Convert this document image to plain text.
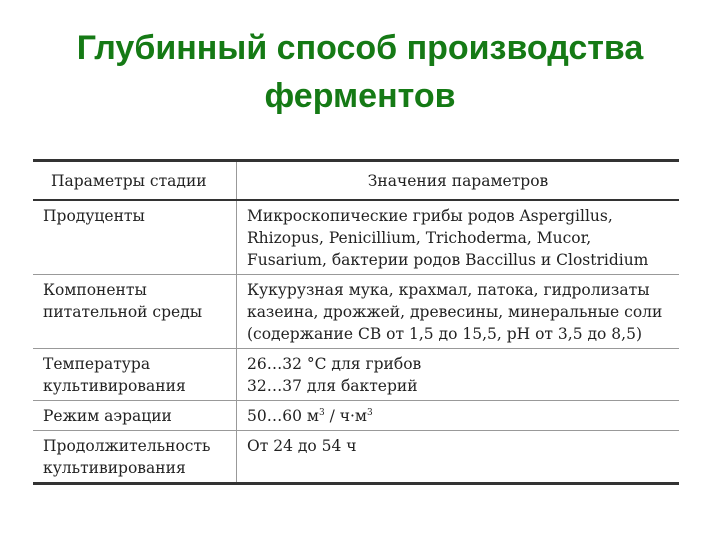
Глубинный способ производства
ферментов
Параметры стадии	Значения параметров

Продуценты	Микроскопические грибы родов Aspergillus,
Rhizopus, Penicillium, Trichoderma, Mucor,
Fusarium, бактерии родов Baccillus и Clostridium

Компоненты
питательной среды	Кукурузная мука, крахмал, патока, гидролизаты
казеина, дрожжей, древесины, минеральные соли
(содержание СВ от 1,5 до 15,5, pH от 3,5 до 8,5)

Температура
культивирования	26…32 °С для грибов
32…37 для бактерий

Режим аэрации	50…60 $м^3 / ч\cdot м^3$

Продолжительность
культивирования	От 24 до 54 ч
